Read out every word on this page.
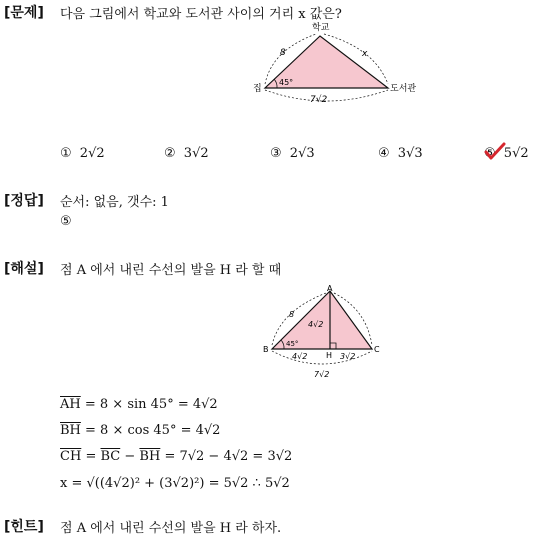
[문제] 다음 그림에서 학교와 도서관 사이의 거리 x 값은?
학교
집	도서관
8	x
45°
7√2
① 2√2	② 3√2	③ 2√3	④ 3√3	⑤ 5√2
[정답] 순서: 없음, 갯수: 1
⑤
[해설] 점 A 에서 내린 수선의 발을 H 라 할 때
A
B	C
H
8
4√2
45°
4√2	3√2
7√2
$\overline{AH} = 8 \times \sin 45^\circ = 4√2$
$\overline{BH} = 8 \times \cos 45^\circ = 4√2$
$\overline{CH} = \overline{BC} - \overline{BH} = 7√2 - 4√2 = 3√2$
x = √((4√2)² + (3√2)²) = 5√2 ∴ 5√2
[힌트] 점 A 에서 내린 수선의 발을 H 라 하자.
